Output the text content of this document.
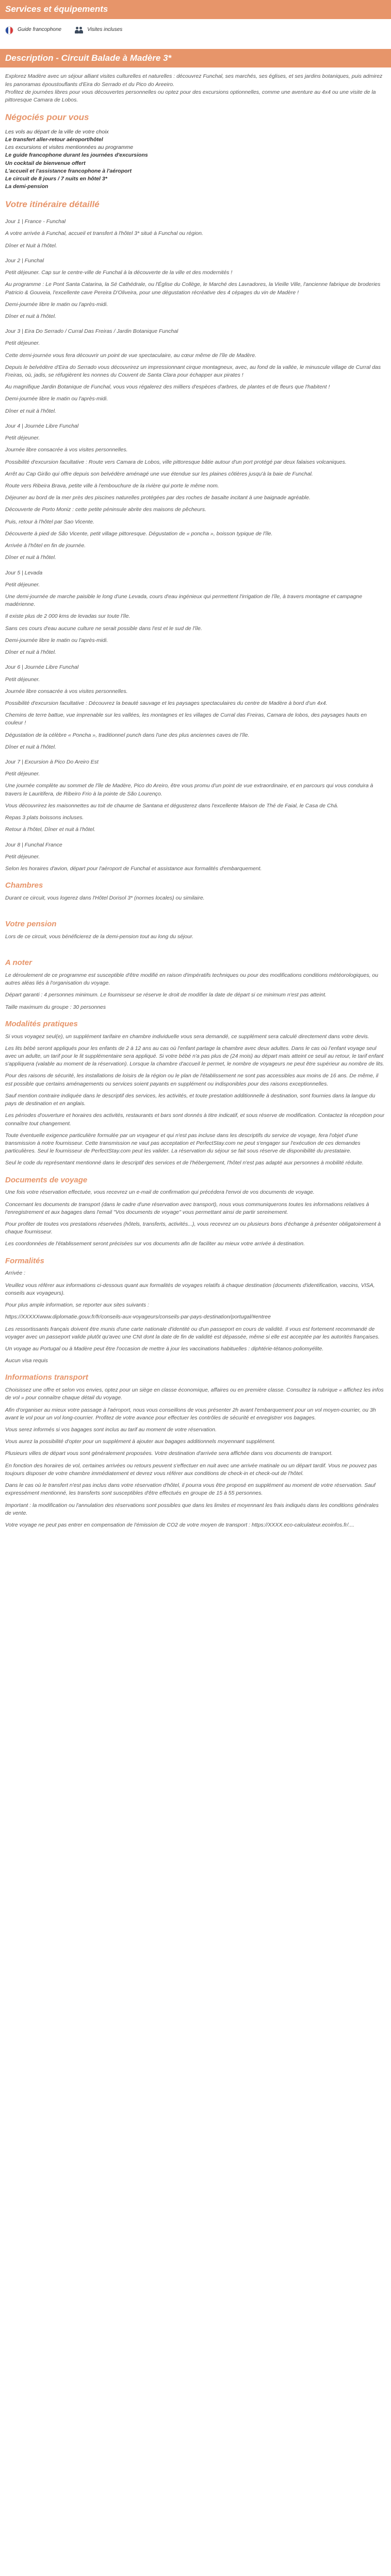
Services et équipements
Guide francophone	Visites incluses
Description - Circuit Balade à Madère 3*

Explorez Madère avec un séjour alliant visites culturelles et naturelles : découvrez Funchal, ses marchés, ses églises, et ses jardins botaniques, puis admirez les panoramas époustouflants d'Eira do Serrado et du Pico do Areeiro.

Profitez de journées libres pour vous découvertes personnelles ou optez pour des excursions optionnelles, comme une aventure au 4x4 ou une visite de la pittoresque Camara de Lobos.

Négociés pour vous

Les vols au départ de la ville de votre choix

Le transfert aller-retour aéroport/hôtel

Les excursions et visites mentionnées au programme

Le guide francophone durant les journées d'excursions

Un cocktail de bienvenue offert

L'accueil et l'assistance francophone à l'aéroport

Le circuit de 8 jours / 7 nuits en hôtel 3*

La demi-pension

Votre itinéraire détaillé
Jour 1 | France - Funchal

A votre arrivée à Funchal, accueil et transfert à l'hôtel 3* situé à Funchal ou région.

Dîner et Nuit à l'hôtel.

Jour 2 | Funchal

Petit déjeuner. Cap sur le centre-ville de Funchal à la découverte de la ville et des modernités !

Au programme : Le Pont Santa Catarina, la Sé Cathédrale, ou l'Église du Collège, le Marché des Lavradores, la Vieille Ville, l'ancienne fabrique de broderies Patricio & Gouveia, l'excellente cave Pereira D'Oliveira, pour une dégustation récréative des 4 cépages du vin de Madère !

Demi-journée libre le matin ou l'après-midi.

Dîner et nuit à l'hôtel.

Jour 3 | Eira Do Serrado / Curral Das Freiras / Jardin Botanique Funchal

Petit déjeuner.

Cette demi-journée vous fera découvrir un point de vue spectaculaire, au cœur même de l'île de Madère.

Depuis le belvédère d'Eira do Serrado vous découvrirez un impressionnant cirque montagneux, avec, au fond de la vallée, le minuscule village de Curral das Freiras, où, jadis, se réfugièrent les nonnes du Couvent de Santa Clara pour échapper aux pirates !

Au magnifique Jardin Botanique de Funchal, vous vous régalerez des milliers d'espèces d'arbres, de plantes et de fleurs que l'habitent !

Demi-journée libre le matin ou l'après-midi.

Dîner et nuit à l'hôtel.

Jour 4 | Journée Libre Funchal

Petit déjeuner.

Journée libre consacrée à vos visites personnelles.

Possibilité d'excursion facultative : Route vers Camara de Lobos, ville pittoresque bâtie autour d'un port protégé par deux falaises volcaniques.

Arrêt au Cap Girão qui offre depuis son belvédère aménagé une vue étendue sur les plaines côtières jusqu'à la baie de Funchal.

Route vers Ribeira Brava, petite ville à l'embouchure de la rivière qui porte le même nom.

Déjeuner au bord de la mer près des piscines naturelles protégées par des roches de basalte incitant à une baignade agréable.

Découverte de Porto Moniz : cette petite péninsule abrite des maisons de pêcheurs.

Puis, retour à l'hôtel par Sao Vicente.

Découverte à pied de São Vicente, petit village pittoresque. Dégustation de « poncha », boisson typique de l'île.

Arrivée à l'hôtel en fin de journée.

Dîner et nuit à l'hôtel.

Jour 5 | Levada

Petit déjeuner.

Une demi-journée de marche paisible le long d'une Levada, cours d'eau ingénieux qui permettent l'irrigation de l'île, à travers montagne et campagne madérienne.

Il existe plus de 2 000 kms de levadas sur toute l'île.

Sans ces cours d'eau aucune culture ne serait possible dans l'est et le sud de l'île.

Demi-journée libre le matin ou l'après-midi.

Dîner et nuit à l'hôtel.

Jour 6 | Journée Libre Funchal

Petit déjeuner.

Journée libre consacrée à vos visites personnelles.

Possibilité d'excursion facultative : Découvrez la beauté sauvage et les paysages spectaculaires du centre de Madère à bord d'un 4x4.

Chemins de terre battue, vue imprenable sur les vallées, les montagnes et les villages de Curral das Freiras, Camara de lobos, des paysages hauts en couleur !

Dégustation de la célèbre « Poncha », traditionnel punch dans l'une des plus anciennes caves de l'île.

Dîner et nuit à l'hôtel.

Jour 7 | Excursion à Pico Do Areiro Est

Petit déjeuner.

Une journée complète au sommet de l'île de Madère, Pico do Areiro, être vous promu d'un point de vue extraordinaire, et en parcours qui vous conduira à travers le Lauritifera, de Ribeiro Frio à la pointe de São Lourenço.

Vous découvrirez les maisonnettes au toit de chaume de Santana et dégusterez dans l'excellente Maison de Thé de Faial, le Casa de Chá.

Repas 3 plats boissons incluses.

Retour à l'hôtel, Dîner et nuit à l'hôtel.

Jour 8 | Funchal France

Petit déjeuner.

Selon les horaires d'avion, départ pour l'aéroport de Funchal et assistance aux formalités d'embarquement.

Chambres

Durant ce circuit, vous logerez dans l'Hôtel Dorisol 3* (normes locales) ou similaire.

Votre pension

Lors de ce circuit, vous bénéficierez de la demi-pension tout au long du séjour.

A noter

Le déroulement de ce programme est susceptible d'être modifié en raison d'impératifs techniques ou pour des modifications conditions météorologiques, ou autres aléas liés à l'organisation du voyage.

Départ garanti : 4 personnes minimum. Le fournisseur se réserve le droit de modifier la date de départ si ce minimum n'est pas atteint.

Taille maximum du groupe : 30 personnes

Modalités pratiques

Si vous voyagez seul(e), un supplément tarifaire en chambre individuelle vous sera demandé, ce supplément sera calculé directement dans votre devis.

Les lits bébé seront appliqués pour les enfants de 2 à 12 ans au cas où l'enfant partage la chambre avec deux adultes. Dans le cas où l'enfant voyage seul avec un adulte, un tarif pour le lit supplémentaire sera appliqué. Si votre bébé n'a pas plus de (24 mois) au départ mais atteint ce seuil au retour, le tarif enfant s'appliquera (valable au moment de la réservation). Lorsque la chambre d'accueil le permet, le nombre de voyageurs ne peut être supérieur au nombre de lits.

Pour des raisons de sécurité, les installations de loisirs de la région ou le plan de l'établissement ne sont pas accessibles aux moins de 16 ans. De même, il est possible que certains aménagements ou services soient payants en supplément ou indisponibles pour des raisons exceptionnelles.

Sauf mention contraire indiquée dans le descriptif des services, les activités, et toute prestation additionnelle à destination, sont fournies dans la langue du pays de destination et en anglais.

Les périodes d'ouverture et horaires des activités, restaurants et bars sont donnés à titre indicatif, et sous réserve de modification. Contactez la réception pour connaître tout changement.

Toute éventuelle exigence particulière formulée par un voyageur et qui n'est pas incluse dans les descriptifs du service de voyage, fera l'objet d'une transmission à notre fournisseur. Cette transmission ne vaut pas acceptation et PerfectStay.com ne peut s'engager sur l'exécution de ces demandes particulières. Seul le fournisseur de PerfectStay.com peut les valider. La réservation du séjour se fait sous réserve de disponibilité du prestataire.

Seul le code du représentant mentionné dans le descriptif des services et de l'hébergement, l'hôtel n'est pas adapté aux personnes à mobilité réduite.

Documents de voyage

Une fois votre réservation effectuée, vous recevrez un e-mail de confirmation qui précédera l'envoi de vos documents de voyage.

Concernant les documents de transport (dans le cadre d'une réservation avec transport), nous vous communiquerons toutes les informations relatives à l'enregistrement et aux bagages dans l'email "Vos documents de voyage" vous permettant ainsi de partir sereinement.

Pour profiter de toutes vos prestations réservées (hôtels, transferts, activités...), vous recevrez un ou plusieurs bons d'échange à présenter obligatoirement à chaque fournisseur.

Les coordonnées de l'établissement seront précisées sur vos documents afin de faciliter au mieux votre arrivée à destination.

Formalités

Arrivée :

Veuillez vous référer aux informations ci-dessous quant aux formalités de voyages relatifs à chaque destination (documents d'identification, vaccins, VISA, conseils aux voyageurs).

Pour plus ample information, se reporter aux sites suivants :

https://XXXXXwww.diplomatie.gouv.fr/fr/conseils-aux-voyageurs/conseils-par-pays-destination/portugal/#entree

Les ressortissants français doivent être munis d'une carte nationale d'identité ou d'un passeport en cours de validité. Il vous est fortement recommandé de voyager avec un passeport valide plutôt qu'avec une CNI dont la date de fin de validité est dépassée, même si elle est acceptée par les autorités françaises.

Un voyage au Portugal ou à Madère peut être l'occasion de mettre à jour les vaccinations habituelles : diphtérie-tétanos-poliomyélite.

Aucun visa requis

Informations transport

Choisissez une offre et selon vos envies, optez pour un siège en classe économique, affaires ou en première classe. Consultez la rubrique « affichez les infos de vol » pour connaître chaque détail du voyage.

Afin d'organiser au mieux votre passage à l'aéroport, nous vous conseillons de vous présenter 2h avant l'embarquement pour un vol moyen-courrier, ou 3h avant le vol pour un vol long-courrier. Profitez de votre avance pour effectuer les contrôles de sécurité et enregistrer vos bagages.

Vous serez informés si vos bagages sont inclus au tarif au moment de votre réservation.

Vous aurez la possibilité d'opter pour un supplément à ajouter aux bagages additionnels moyennant supplément.

Plusieurs villes de départ vous sont généralement proposées. Votre destination d'arrivée sera affichée dans vos documents de transport.

En fonction des horaires de vol, certaines arrivées ou retours peuvent s'effectuer en nuit avec une arrivée matinale ou un départ tardif. Vous ne pouvez pas toujours disposer de votre chambre immédiatement et devrez vous référer aux conditions de check-in et check-out de l'hôtel.

Dans le cas où le transfert n'est pas inclus dans votre réservation d'hôtel, il pourra vous être proposé en supplément au moment de votre réservation. Sauf expressément mentionné, les transferts sont susceptibles d'être effectués en groupe de 15 à 55 personnes.

Important : la modification ou l'annulation des réservations sont possibles que dans les limites et moyennant les frais indiqués dans les conditions générales de vente.

Votre voyage ne peut pas entrer en compensation de l'émission de CO2 de votre moyen de transport : https://XXXX.eco-calculateur.ecoinfos.fr/....
